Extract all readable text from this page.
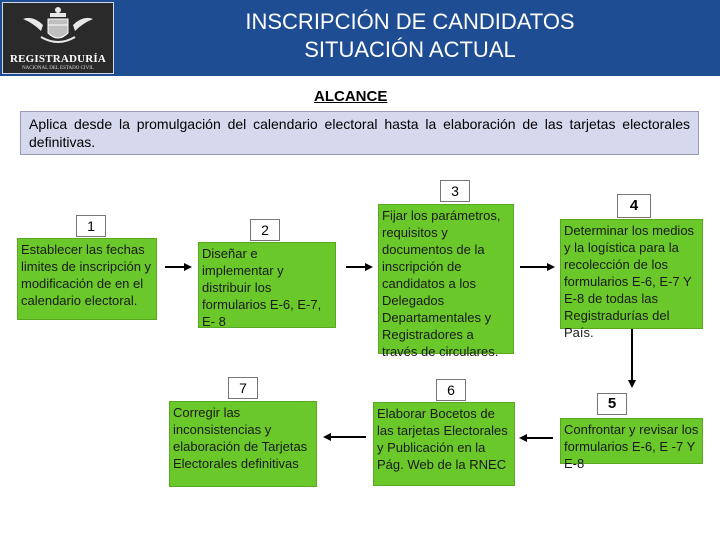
REGISTRADURÍA
NACIONAL DEL ESTADO CIVIL
INSCRIPCIÓN DE CANDIDATOS
SITUACIÓN ACTUAL
ALCANCE
Aplica desde la promulgación del calendario electoral hasta la elaboración de las tarjetas electorales definitivas.
1
Establecer las fechas limites de inscripción y modificación de en el calendario electoral.
2
Diseñar e implementar y distribuir los formularios E-6, E-7, E- 8
3
Fijar los parámetros, requisitos y documentos de la inscripción de candidatos a los Delegados Departamentales y Registradores a través de circulares.
4
Determinar los medios y la logística para la recolección de los formularios E-6, E-7 Y E-8 de todas las Registradurías del País.
5
Confrontar y revisar los formularios E-6, E -7 Y E-8
6
Elaborar Bocetos de las tarjetas Electorales y Publicación en la Pág. Web de la RNEC
7
Corregir las inconsistencias y elaboración de Tarjetas Electorales definitivas
